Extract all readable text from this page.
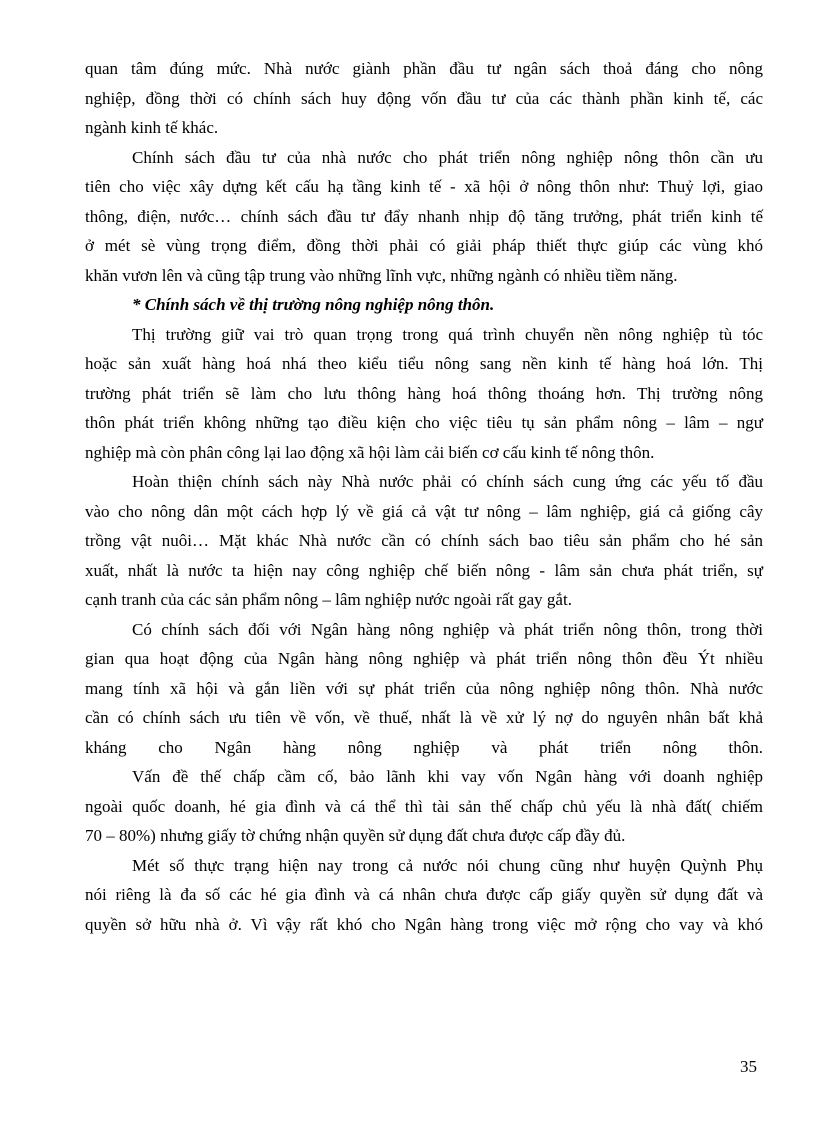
quan tâm đúng mức. Nhà nước giành phần đầu tư ngân sách thoả đáng cho nông
nghiệp, đồng thời có chính sách huy động vốn đầu tư của các thành phần kinh tế, các
ngành kinh tế khác.

Chính sách đầu tư của nhà nước cho phát triển nông nghiệp nông thôn cần ưu
tiên cho việc xây dựng kết cấu hạ tầng kinh tế - xã hội ở nông thôn như: Thuỷ lợi, giao
thông, điện, nước… chính sách đầu tư đẩy nhanh nhịp độ tăng trưởng, phát triển kinh tế
ở mét sè vùng trọng điểm, đồng thời phải có giải pháp thiết thực giúp các vùng khó
khăn vươn lên và cũng tập trung vào những lĩnh vực, những ngành có nhiều tiềm năng.

* Chính sách về thị trường nông nghiệp nông thôn.

Thị trường giữ vai trò quan trọng trong quá trình chuyển nền nông nghiệp tù tóc
hoặc sản xuất hàng hoá nhá theo kiểu tiểu nông sang nền kinh tế hàng hoá lớn. Thị
trường phát triển sẽ làm cho lưu thông hàng hoá thông thoáng hơn. Thị trường nông
thôn phát triển không những tạo điều kiện cho việc tiêu tụ sản phẩm nông – lâm – ngư
nghiệp mà còn phân công lại lao động xã hội làm cải biến cơ cấu kinh tế nông thôn.

Hoàn thiện chính sách này Nhà nước phải có chính sách cung ứng các yếu tố đầu
vào cho nông dân một cách hợp lý về giá cả vật tư nông – lâm nghiệp, giá cả giống cây
trồng vật nuôi… Mặt khác Nhà nước cần có chính sách bao tiêu sản phẩm cho hé sản
xuất, nhất là nước ta hiện nay công nghiệp chế biến nông - lâm sản chưa phát triển, sự
cạnh tranh của các sản phẩm nông – lâm nghiệp nước ngoài rất gay gắt.

Có chính sách đối với Ngân hàng nông nghiệp và phát triển nông thôn, trong thời
gian qua hoạt động của Ngân hàng nông nghiệp và phát triển nông thôn đều Ýt nhiều
mang tính xã hội và gắn liền với sự phát triển của nông nghiệp nông thôn. Nhà nước
cần có chính sách ưu tiên về vốn, về thuế, nhất là về xử lý nợ do nguyên nhân bất khả
kháng cho Ngân hàng nông nghiệp và phát triển nông thôn.

Vấn đề thế chấp cầm cố, bảo lãnh khi vay vốn Ngân hàng với doanh nghiệp
ngoài quốc doanh, hé gia đình và cá thể thì tài sản thế chấp chủ yếu là nhà đất( chiếm
70 – 80%) nhưng giấy tờ chứng nhận quyền sử dụng đất chưa được cấp đầy đủ.

Mét số thực trạng hiện nay trong cả nước nói chung cũng như huyện Quỳnh Phụ
nói riêng là đa số các hé gia đình và cá nhân chưa được cấp giấy quyền sử dụng đất và
quyền sở hữu nhà ở. Vì vậy rất khó cho Ngân hàng trong việc mở rộng cho vay và khó

35
